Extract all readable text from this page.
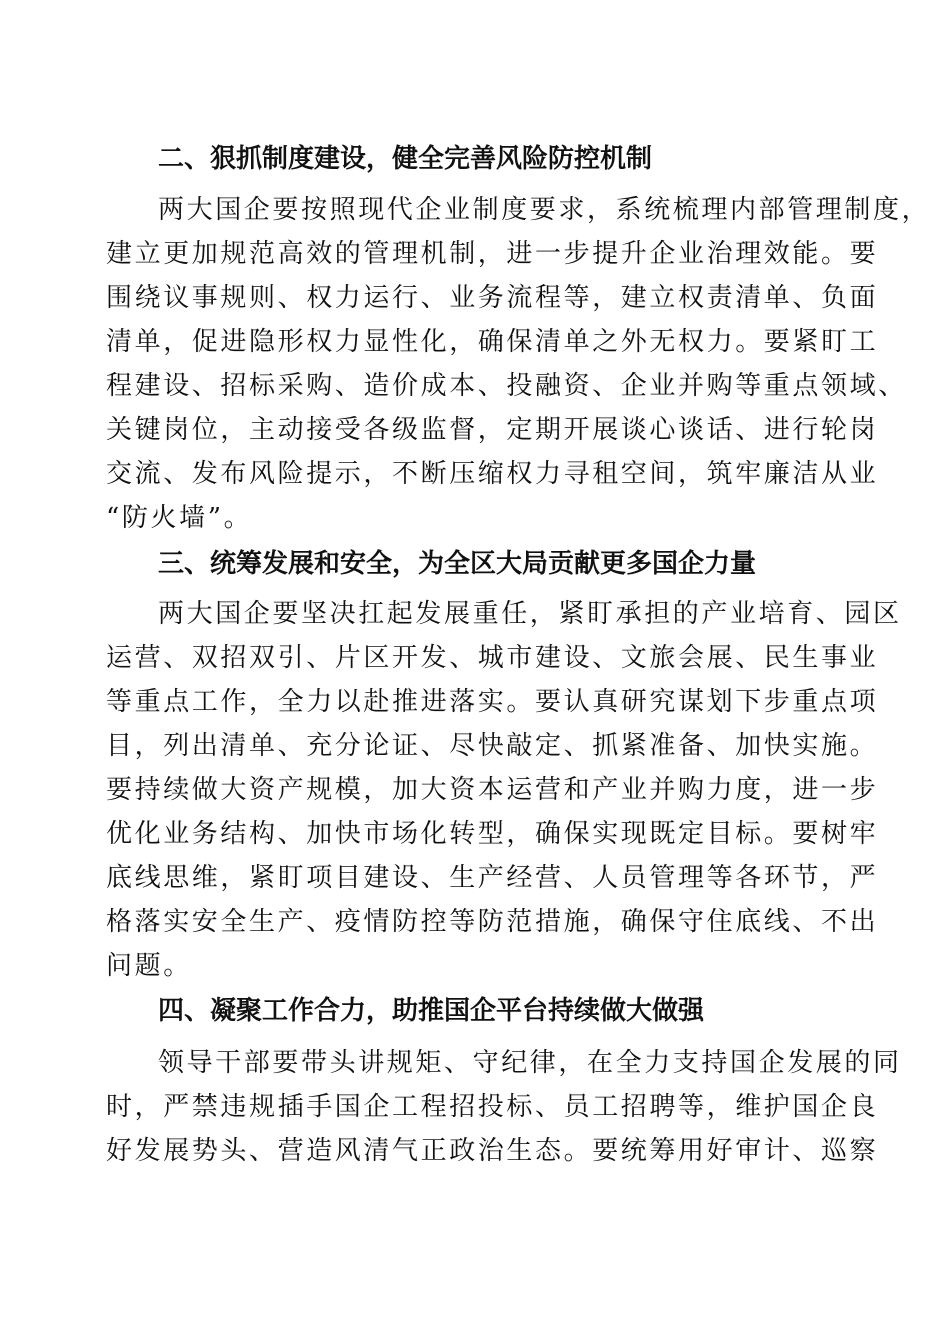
二、狠抓制度建设，健全完善风险防控机制
两大国企要按照现代企业制度要求，系统梳理内部管理制度，
建立更加规范高效的管理机制，进一步提升企业治理效能。要
围绕议事规则、权力运行、业务流程等，建立权责清单、负面
清单，促进隐形权力显性化，确保清单之外无权力。要紧盯工
程建设、招标采购、造价成本、投融资、企业并购等重点领域、
关键岗位，主动接受各级监督，定期开展谈心谈话、进行轮岗
交流、发布风险提示，不断压缩权力寻租空间，筑牢廉洁从业
“防火墙”。
三、统筹发展和安全，为全区大局贡献更多国企力量
两大国企要坚决扛起发展重任，紧盯承担的产业培育、园区
运营、双招双引、片区开发、城市建设、文旅会展、民生事业
等重点工作，全力以赴推进落实。要认真研究谋划下步重点项
目，列出清单、充分论证、尽快敲定、抓紧准备、加快实施。
要持续做大资产规模，加大资本运营和产业并购力度，进一步
优化业务结构、加快市场化转型，确保实现既定目标。要树牢
底线思维，紧盯项目建设、生产经营、人员管理等各环节，严
格落实安全生产、疫情防控等防范措施，确保守住底线、不出
问题。
四、凝聚工作合力，助推国企平台持续做大做强
领导干部要带头讲规矩、守纪律，在全力支持国企发展的同
时，严禁违规插手国企工程招投标、员工招聘等，维护国企良
好发展势头、营造风清气正政治生态。要统筹用好审计、巡察
